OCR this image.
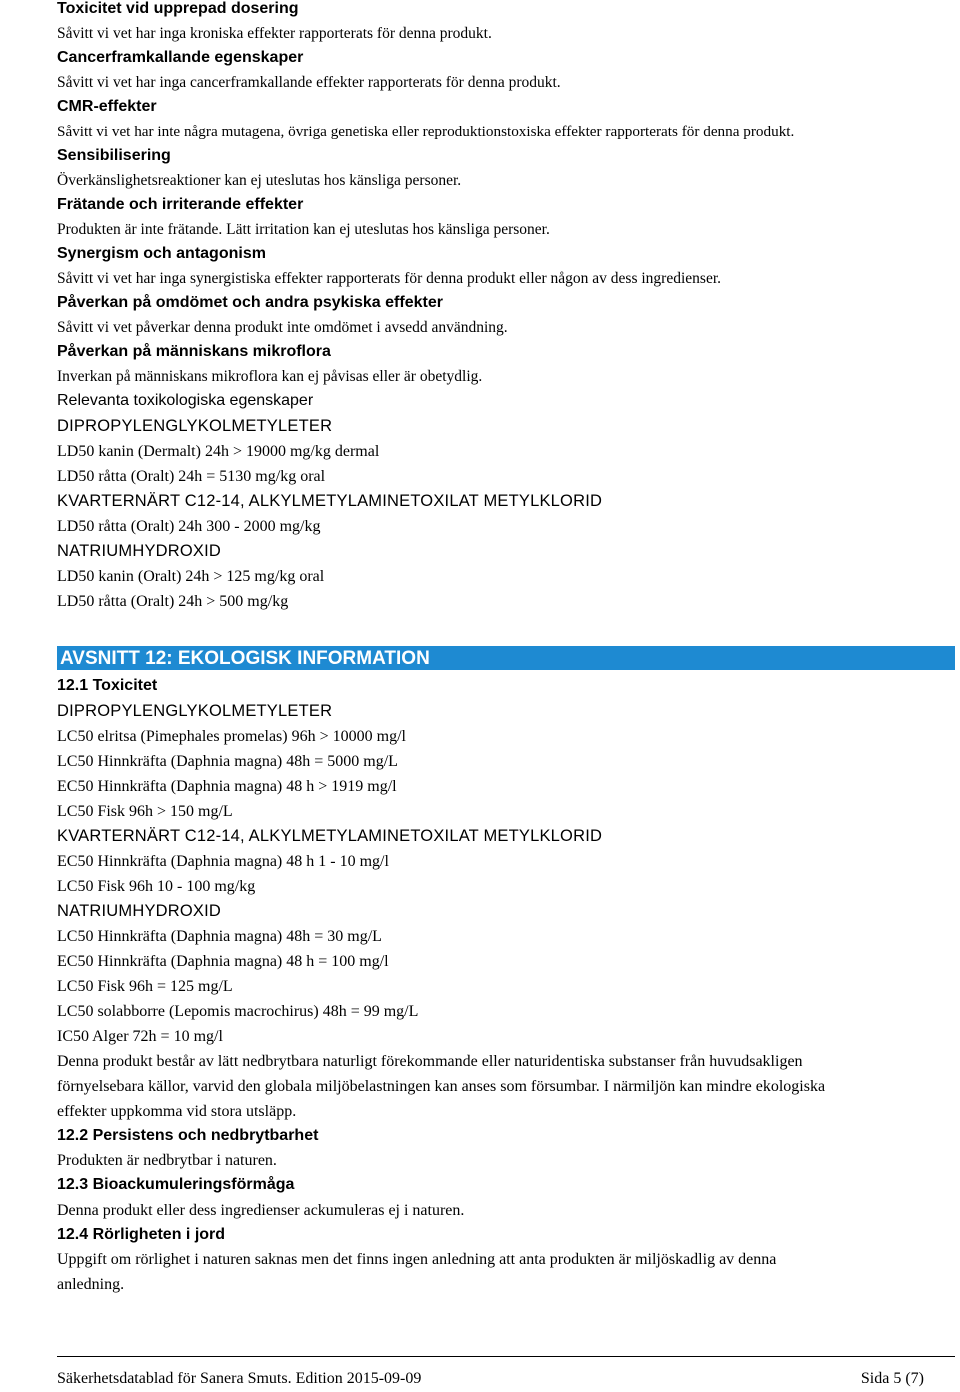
Toxicitet vid upprepad dosering
Såvitt vi vet har inga kroniska effekter rapporterats för denna produkt.
Cancerframkallande egenskaper
Såvitt vi vet har inga cancerframkallande effekter rapporterats för denna produkt.
CMR-effekter
Såvitt vi vet har inte några mutagena, övriga genetiska eller reproduktionstoxiska effekter rapporterats för denna produkt.
Sensibilisering
Överkänslighetsreaktioner kan ej uteslutas hos känsliga personer.
Frätande och irriterande effekter
Produkten är inte frätande. Lätt irritation kan ej uteslutas hos känsliga personer.
Synergism och antagonism
Såvitt vi vet har inga synergistiska effekter rapporterats för denna produkt eller någon av dess ingredienser.
Påverkan på omdömet och andra psykiska effekter
Såvitt vi vet påverkar denna produkt inte omdömet i avsedd användning.
Påverkan på människans mikroflora
Inverkan på människans mikroflora kan ej påvisas eller är obetydlig.
Relevanta toxikologiska egenskaper
DIPROPYLENGLYKOLMETYLETER
LD50 kanin (Dermalt) 24h > 19000 mg/kg dermal
LD50 råtta (Oralt) 24h = 5130 mg/kg oral
KVARTERNÄRT C12-14, ALKYLMETYLAMINETOXILAT METYLKLORID
LD50 råtta (Oralt) 24h 300 - 2000 mg/kg
NATRIUMHYDROXID
LD50 kanin (Oralt) 24h > 125 mg/kg oral
LD50 råtta (Oralt) 24h > 500 mg/kg
AVSNITT 12: EKOLOGISK INFORMATION
12.1 Toxicitet
DIPROPYLENGLYKOLMETYLETER
LC50 elritsa (Pimephales promelas) 96h > 10000 mg/l
LC50 Hinnkräfta (Daphnia magna) 48h = 5000 mg/L
EC50 Hinnkräfta (Daphnia magna) 48 h > 1919 mg/l
LC50 Fisk 96h > 150 mg/L
KVARTERNÄRT C12-14, ALKYLMETYLAMINETOXILAT METYLKLORID
EC50 Hinnkräfta (Daphnia magna) 48 h 1 - 10 mg/l
LC50 Fisk 96h 10 - 100 mg/kg
NATRIUMHYDROXID
LC50 Hinnkräfta (Daphnia magna) 48h = 30 mg/L
EC50 Hinnkräfta (Daphnia magna) 48 h = 100 mg/l
LC50 Fisk 96h = 125 mg/L
LC50 solabborre (Lepomis macrochirus) 48h = 99 mg/L
IC50 Alger 72h = 10 mg/l
Denna produkt består av lätt nedbrytbara naturligt förekommande eller naturidentiska substanser från huvudsakligen
förnyelsebara källor, varvid den globala miljöbelastningen kan anses som försumbar. I närmiljön kan mindre ekologiska
effekter uppkomma vid stora utsläpp.
12.2 Persistens och nedbrytbarhet
Produkten är nedbrytbar i naturen.
12.3 Bioackumuleringsförmåga
Denna produkt eller dess ingredienser ackumuleras ej i naturen.
12.4 Rörligheten i jord
Uppgift om rörlighet i naturen saknas men det finns ingen anledning att anta produkten är miljöskadlig av denna
anledning.
Säkerhetsdatablad för Sanera Smuts. Edition 2015-09-09	Sida 5 (7)
